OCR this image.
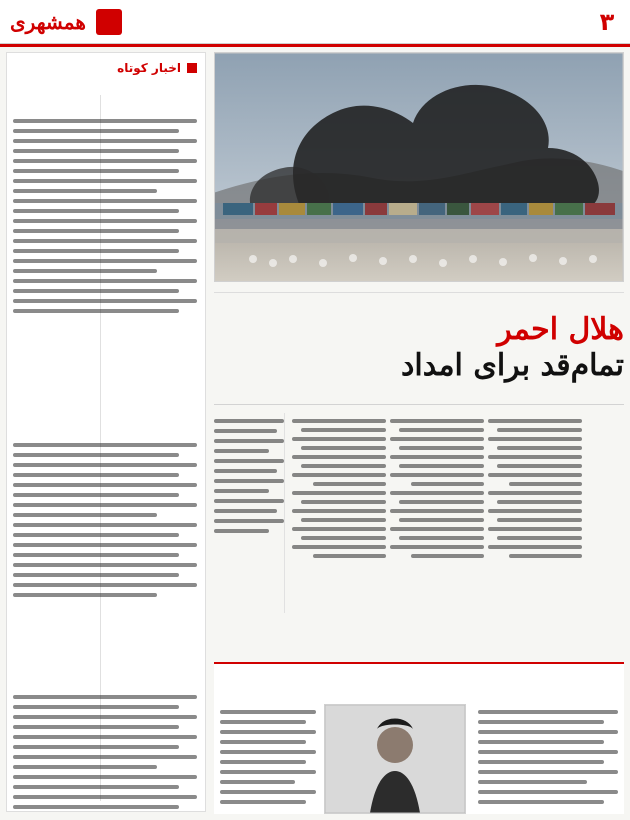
۳
همشهری
اخبار کوتاه
هلال احمر
تمام‌قد برای امداد
